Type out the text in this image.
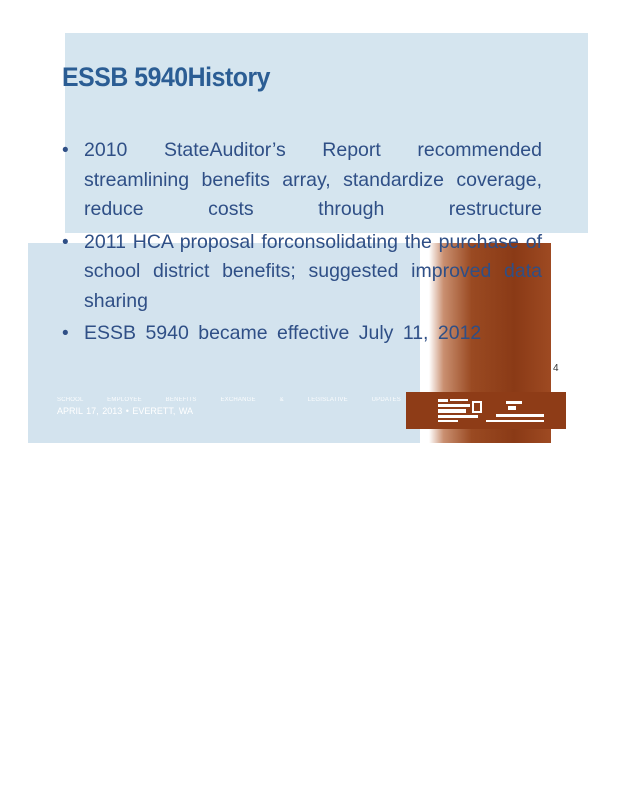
ESSB 5940History
• 2010 StateAuditor’s Report recommended streamlining benefits array, standardize coverage, reduce costs through restructure
• 2011 HCA proposal forconsolidating the purchase of school district benefits; suggested improved data sharing
• ESSB 5940 became effective July 11, 2012
4
SCHOOL EMPLOYEE BENEFITS EXCHANGE & LEGISLATIVE UPDATES
APRIL 17, 2013 • EVERETT, WA
